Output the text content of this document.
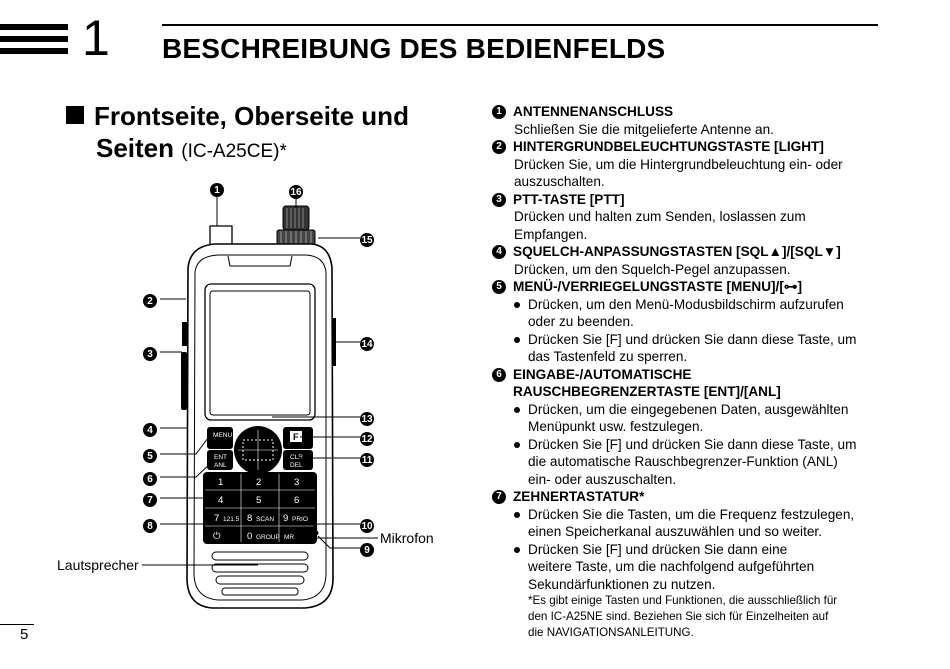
1 BESCHREIBUNG DES BEDIENFELDS
Frontseite, Oberseite und
Seiten (IC-A25CE)*
MENU
ENT
ANL
F
CLR
DEL
1	2	3
4	5	6
7 121.5 8 SCAN 9 PRIO
⏻	0 GROUP MR
1	16
15
2
3
14
4
13
12
5	11
6
7
8	10
9
Lautsprecher
Mikrofon
1 ANTENNENANSCHLUSS
Schließen Sie die mitgelieferte Antenne an.
2 HINTERGRUNDBELEUCHTUNGSTASTE [LIGHT]
Drücken Sie, um die Hintergrundbeleuchtung ein- oder
auszuschalten.
3 PTT-TASTE [PTT]
Drücken und halten zum Senden, loslassen zum
Empfangen.
4 SQUELCH-ANPASSUNGSTASTEN [SQL▲]/[SQL▼]
Drücken, um den Squelch-Pegel anzupassen.
5 MENÜ-/VERRIEGELUNGSTASTE [MENU]/[⊶]
Drücken, um den Menü-Modusbildschirm aufzurufen
oder zu beenden.
Drücken Sie [F] und drücken Sie dann diese Taste, um
das Tastenfeld zu sperren.
6 EINGABE-/AUTOMATISCHE
RAUSCHBEGRENZERTASTE [ENT]/[ANL]
Drücken, um die eingegebenen Daten, ausgewählten
Menüpunkt usw. festzulegen.
Drücken Sie [F] und drücken Sie dann diese Taste, um
die automatische Rauschbegrenzer-Funktion (ANL)
ein- oder auszuschalten.
7 ZEHNERTASTATUR*
Drücken Sie die Tasten, um die Frequenz festzulegen,
einen Speicherkanal auszuwählen und so weiter.
Drücken Sie [F] und drücken Sie dann eine
weitere Taste, um die nachfolgend aufgeführten
Sekundärfunktionen zu nutzen.
*Es gibt einige Tasten und Funktionen, die ausschließlich für
den IC-A25NE sind. Beziehen Sie sich für Einzelheiten auf
die NAVIGATIONSANLEITUNG.
5
